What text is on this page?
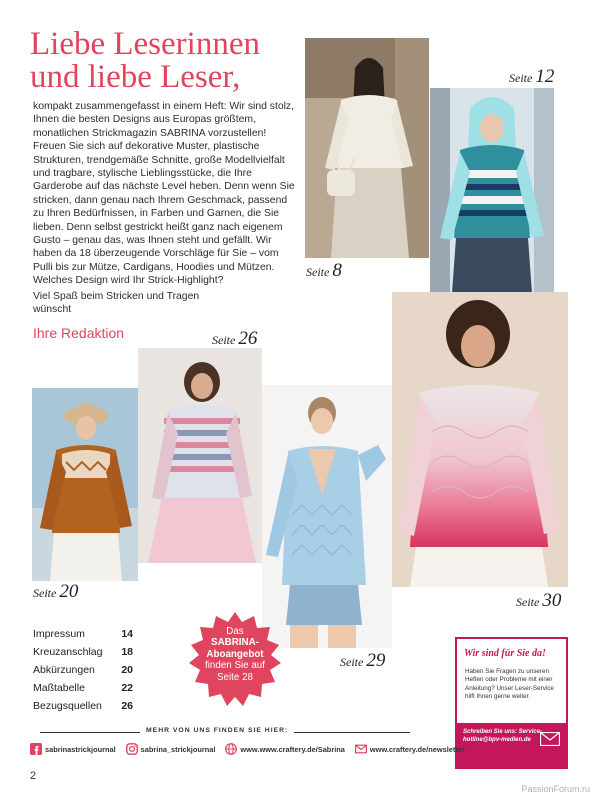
Liebe Leserinnen
und liebe Leser,

kompakt zusammengefasst in einem Heft: Wir sind stolz, Ihnen die besten Designs aus Europas größtem, monatlichen Strickmagazin SABRINA vorzustellen! Freuen Sie sich auf dekorative Muster, plastische Strukturen, trendgemäße Schnitte, große Modellvielfalt und tragbare, stylische Lieblingsstücke, die Ihre Garderobe auf das nächste Level heben. Denn wenn Sie stricken, dann genau nach Ihrem Geschmack, passend zu Ihren Bedürfnissen, in Farben und Garnen, die Sie lieben. Denn selbst gestrickt heißt ganz nach eigenem Gusto – genau das, was Ihnen steht und gefällt. Wir haben da 18 überzeugende Vorschläge für Sie – vom Pulli bis zur Mütze, Cardigans, Hoodies und Mützen. Welches Design wird Ihr Strick-Highlight?

Viel Spaß beim Stricken und Tragen wünscht

Ihre Redaktion

Seite 8
Seite 12
Seite 26
Seite 20
Seite 29
Seite 30
Impressum	14
Kreuzanschlag 18
Abkürzungen	20
Maßtabelle	22
Bezugsquellen 26
Das
SABRINA-
Aboangebot
finden Sie auf
Seite 28
Wir sind für Sie da!
Haben Sie Fragen zu unseren Heften oder Probleme mit einer Anleitung? Unser Leser-Service hilft Ihnen gerne weiter.
Schreiben Sie uns: Service-hotline@bpv-medien.de
MEHR VON UNS FINDEN SIE HIER:
sabrinastrickjournal	sabrina_strickjournal	www.www.craftery.de/Sabrina	www.craftery.de/newsletter
2
PassionForum.ru
